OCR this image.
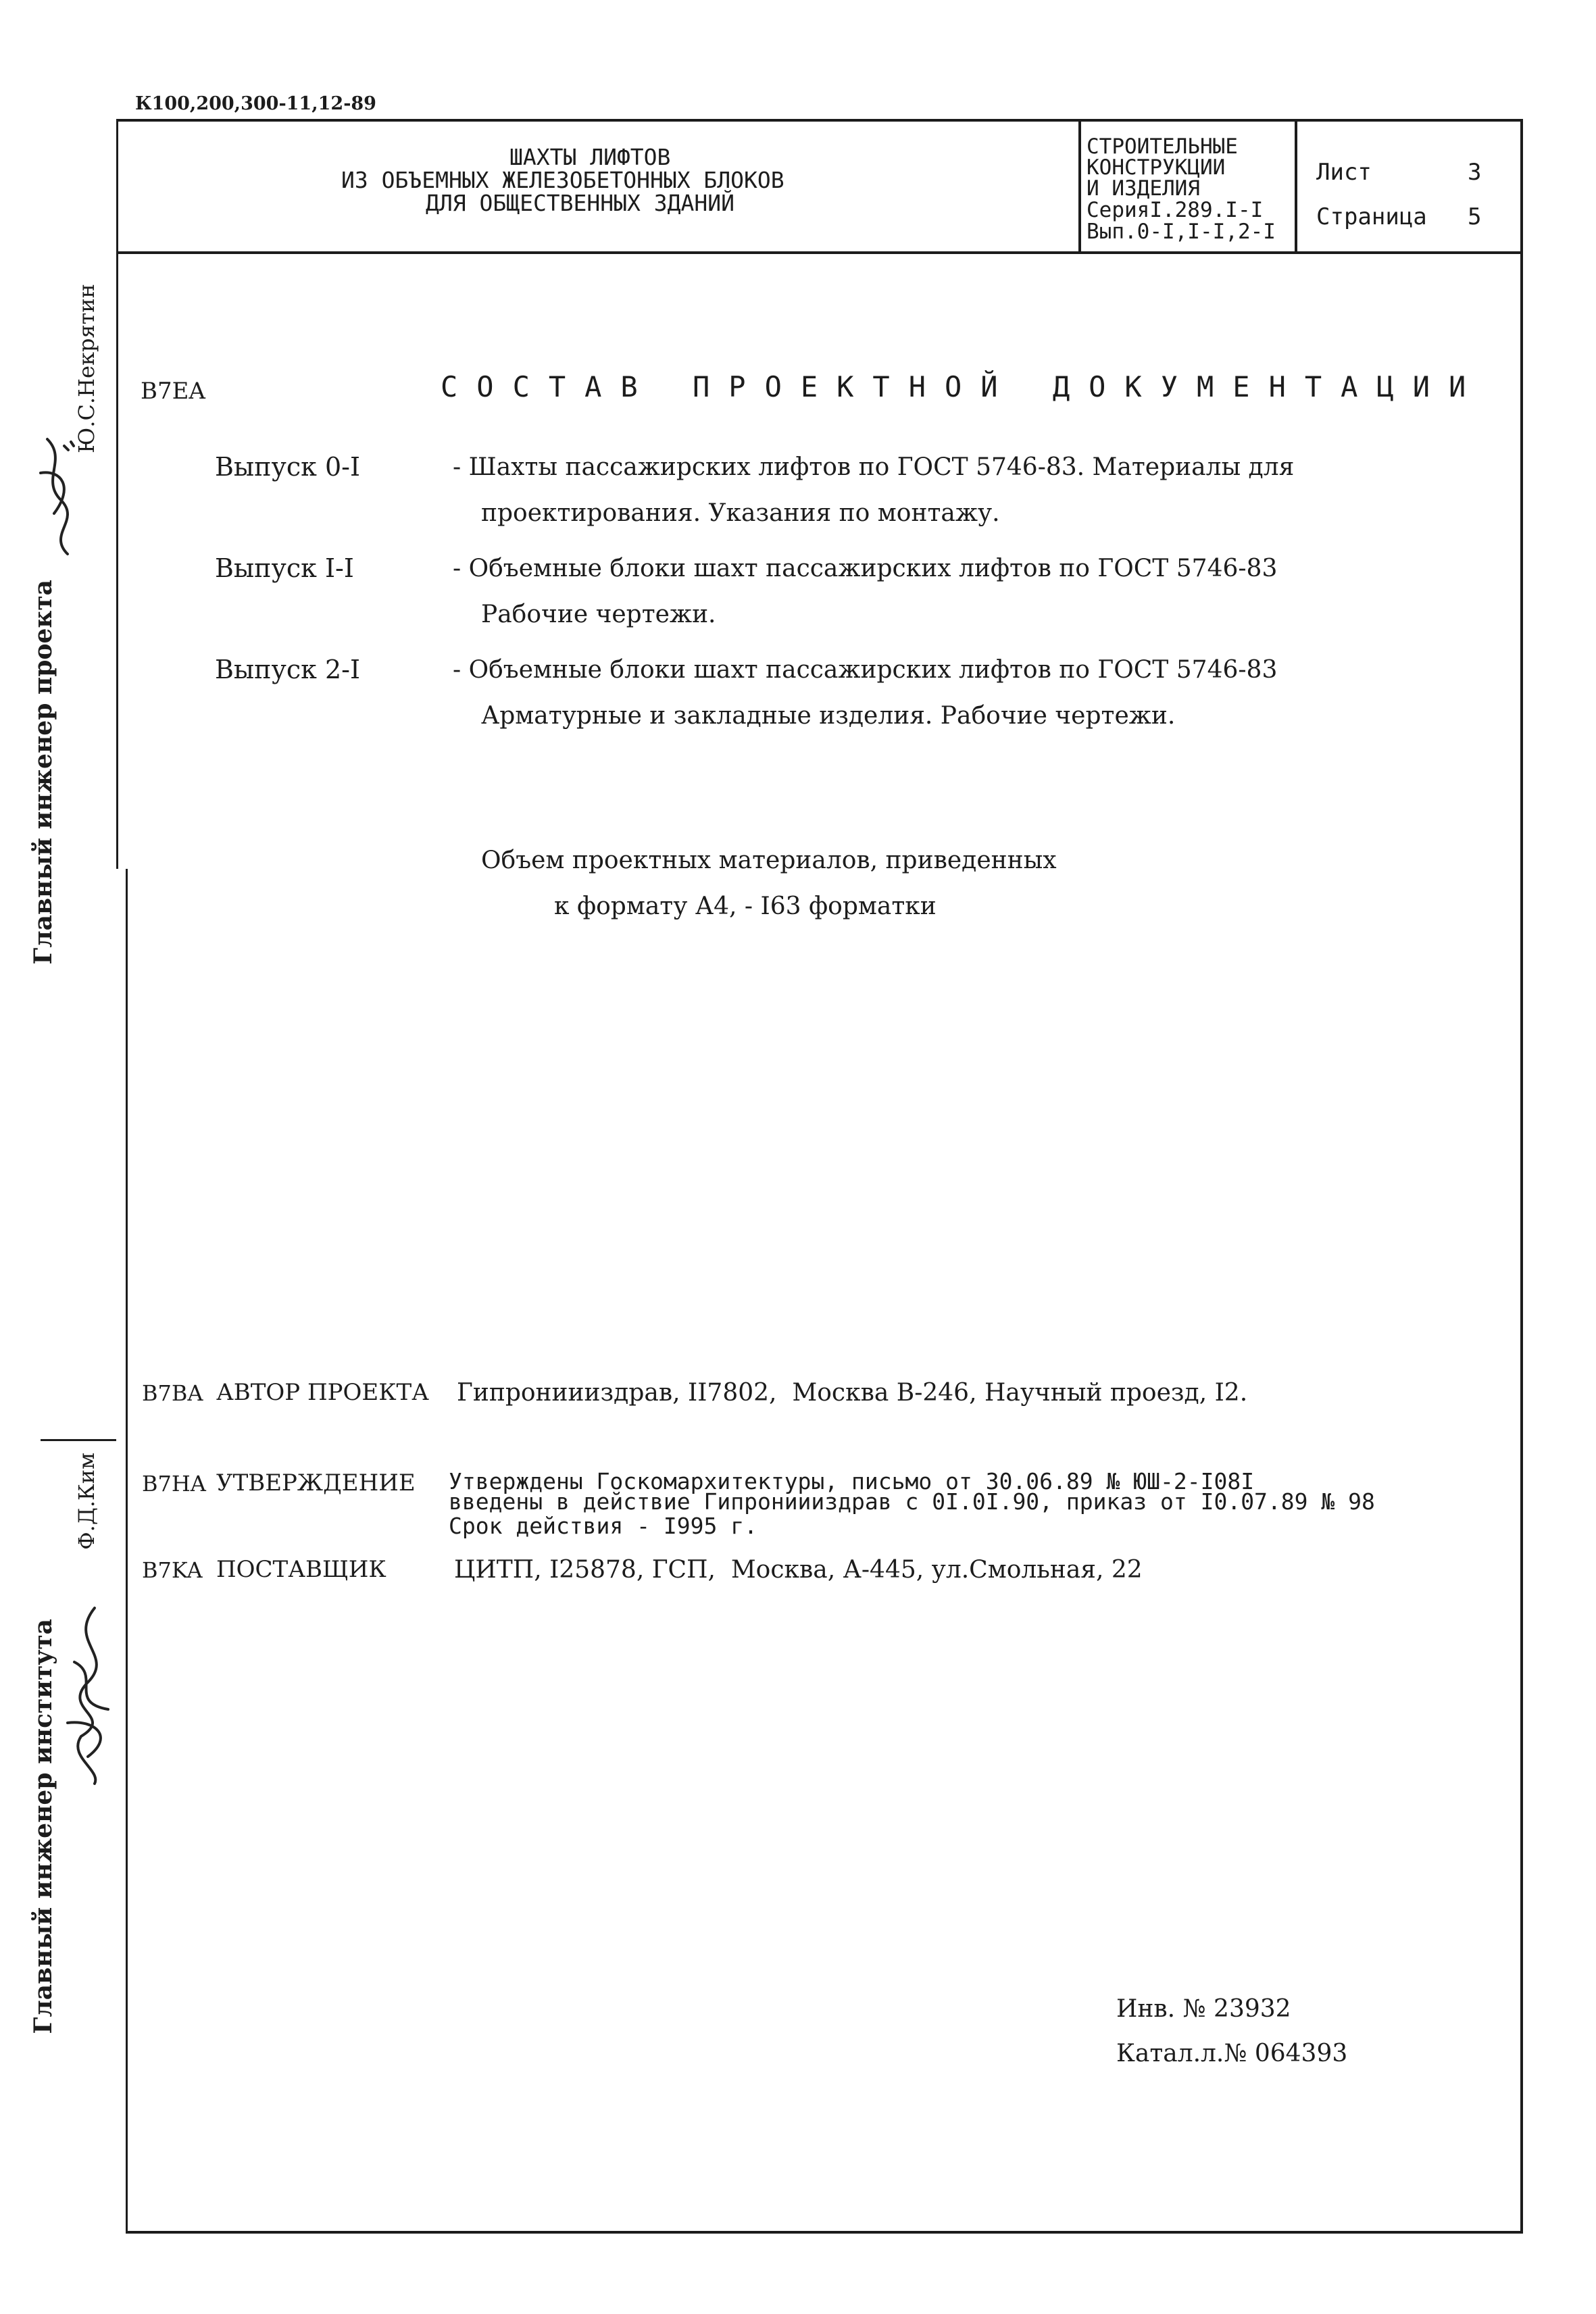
К100,200,300-11,12-89
ШАХТЫ ЛИФТОВ
ИЗ ОБЪЕМНЫХ ЖЕЛЕЗОБЕТОННЫХ БЛОКОВ
ДЛЯ ОБЩЕСТВЕННЫХ ЗДАНИЙ
СТРОИТЕЛЬНЫЕ
КОНСТРУКЦИИ
И ИЗДЕЛИЯ
СерияI.289.I-I
Вып.0-I,I-I,2-I
Лист	3
Страница 5
Главный инженер проекта
Ю.С.Некрятин
Главный инженер института
Ф.Д.Ким
B7EA	СОСТАВ ПРОЕКТНОЙ ДОКУМЕНТАЦИИ
Выпуск 0-I	- Шахты пассажирских лифтов по ГОСТ 5746-83. Материалы для
проектирования. Указания по монтажу.
Выпуск I-I	- Объемные блоки шахт пассажирских лифтов по ГОСТ 5746-83
Рабочие чертежи.
Выпуск 2-I	- Объемные блоки шахт пассажирских лифтов по ГОСТ 5746-83
Арматурные и закладные изделия. Рабочие чертежи.
Объем проектных материалов, приведенных
к формату А4, - I63 форматки
B7BA АВТОР ПРОЕКТА Гипрониииздрав, II7802,  Москва В-246, Научный проезд, I2.
B7HA УТВЕРЖДЕНИЕ Утверждены Госкомархитектуры, письмо от 30.06.89 № ЮШ-2-I08I
введены в действие Гипрониииздрав с 0I.0I.90, приказ от I0.07.89 № 98
Срок действия - I995 г.
B7KA ПОСТАВЩИК	ЦИТП, I25878, ГСП,  Москва, А-445, ул.Смольная, 22
Инв. № 23932
Катал.л.№ 064393
